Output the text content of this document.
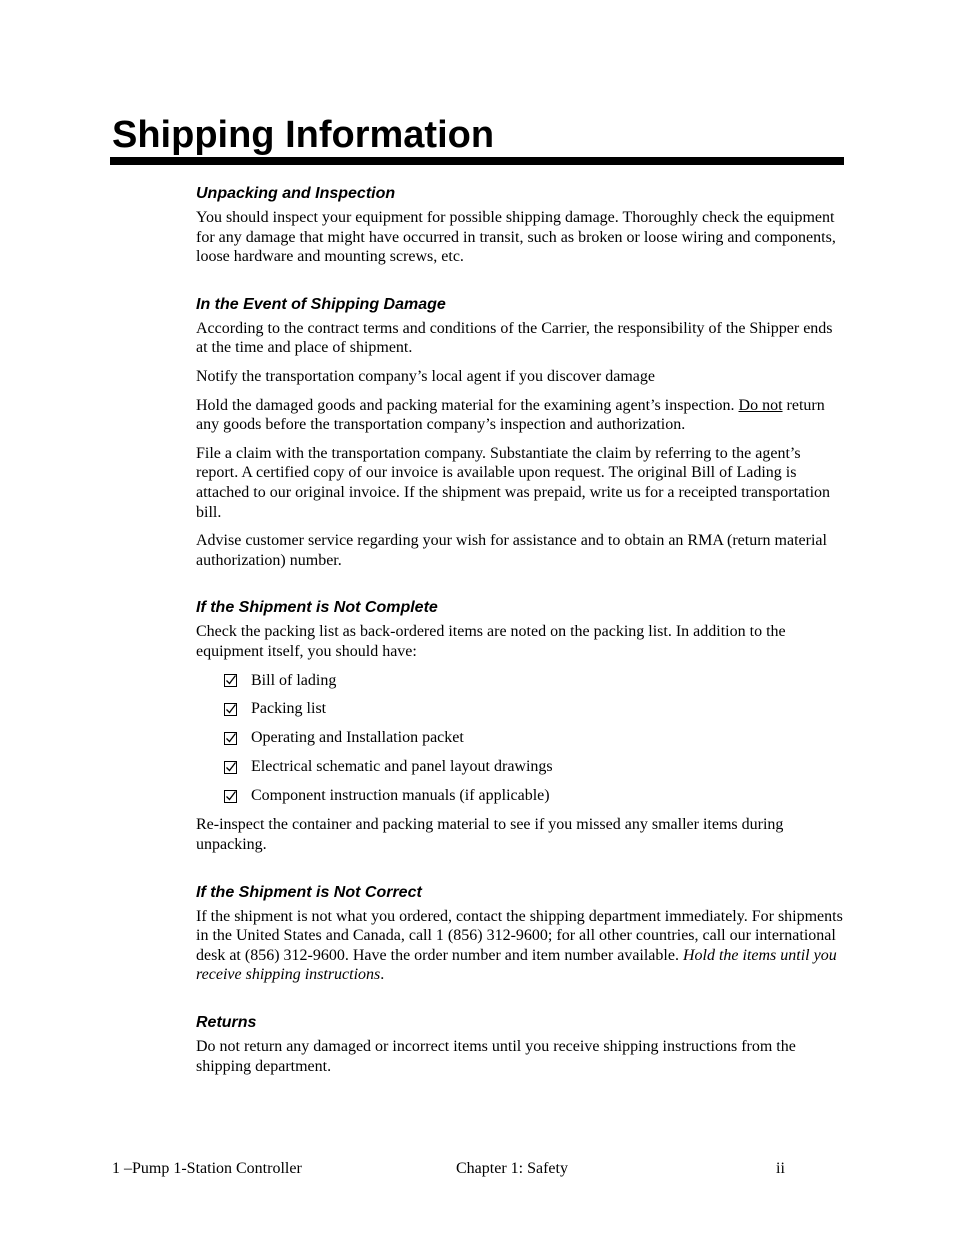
Shipping Information
Unpacking and Inspection

You should inspect your equipment for possible shipping damage. Thoroughly check the equipment for any damage that might have occurred in transit, such as broken or loose wiring and components, loose hardware and mounting screws, etc.

In the Event of Shipping Damage

According to the contract terms and conditions of the Carrier, the responsibility of the Shipper ends at the time and place of shipment.

Notify the transportation company’s local agent if you discover damage

Hold the damaged goods and packing material for the examining agent’s inspection. Do not return any goods before the transportation company’s inspection and authorization.

File a claim with the transportation company. Substantiate the claim by referring to the agent’s report. A certified copy of our invoice is available upon request. The original Bill of Lading is attached to our original invoice. If the shipment was prepaid, write us for a receipted transportation bill.

Advise customer service regarding your wish for assistance and to obtain an RMA (return material authorization) number.

If the Shipment is Not Complete

Check the packing list as back-ordered items are noted on the packing list. In addition to the equipment itself, you should have:

Bill of lading
Packing list
Operating and Installation packet
Electrical schematic and panel layout drawings
Component instruction manuals (if applicable)

Re-inspect the container and packing material to see if you missed any smaller items during unpacking.

If the Shipment is Not Correct

If the shipment is not what you ordered, contact the shipping department immediately. For shipments in the United States and Canada, call 1 (856) 312-9600; for all other countries, call our international desk at (856) 312-9600. Have the order number and item number available. Hold the items until you receive shipping instructions.

Returns

Do not return any damaged or incorrect items until you receive shipping instructions from the shipping department.

1 –Pump 1-Station Controller	Chapter 1: Safety	ii
